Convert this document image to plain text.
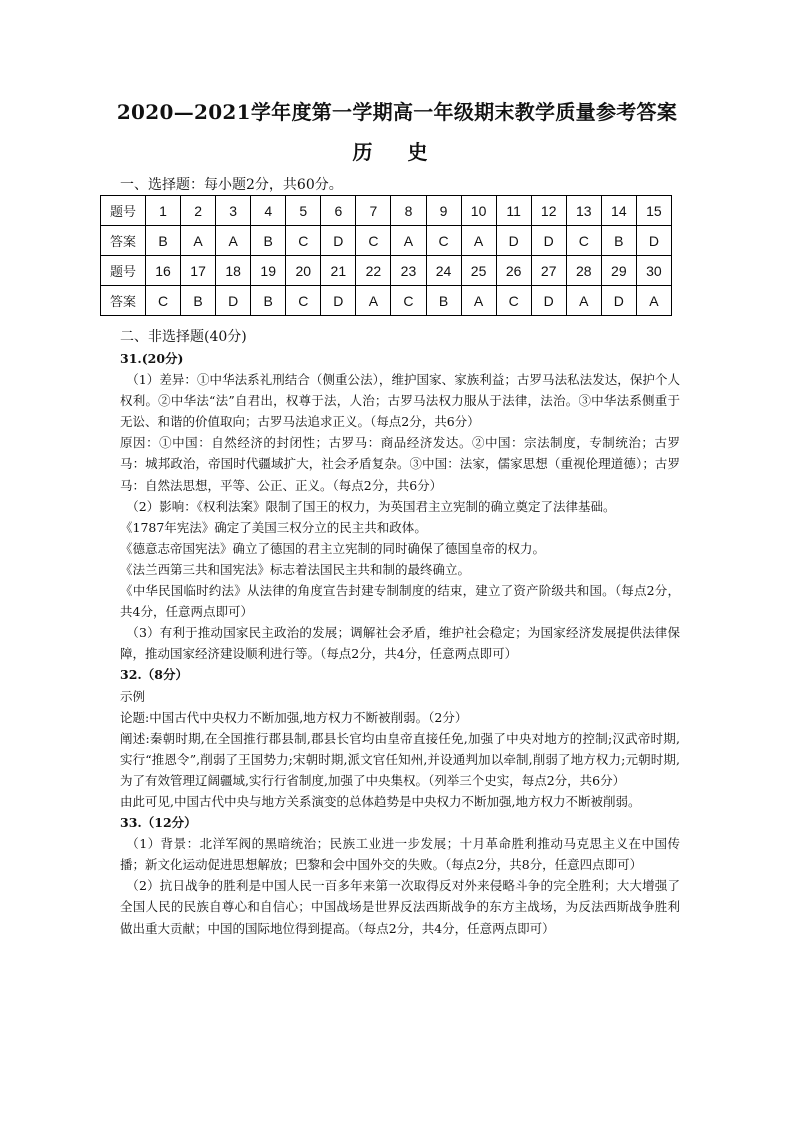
2020—2021学年度第一学期高一年级期末教学质量参考答案
历 史
一、选择题：每小题2分，共60分。
题号	1	2	3	4	5	6	7	8	9	10	11	12	13	14	15
答案	B	A	A	B	C	D	C	A	C	A	D	D	C	B	D
题号	16	17	18	19	20	21	22	23	24	25	26	27	28	29	30
答案	C	B	D	B	C	D	A	C	B	A	C	D	A	D	A
二、非选择题(40分)

31.(20分)

（1）差异：①中华法系礼刑结合（侧重公法），维护国家、家族利益；古罗马法私法发达，保护个人权利。②中华法“法”自君出，权尊于法，人治；古罗马法权力服从于法律，法治。③中华法系侧重于无讼、和谐的价值取向；古罗马法追求正义。（每点2分，共6分）

原因：①中国：自然经济的封闭性；古罗马：商品经济发达。②中国：宗法制度，专制统治；古罗马：城邦政治，帝国时代疆域扩大，社会矛盾复杂。③中国：法家，儒家思想（重视伦理道德）；古罗马：自然法思想，平等、公正、正义。（每点2分，共6分）

（2）影响：《权利法案》限制了国王的权力，为英国君主立宪制的确立奠定了法律基础。

《1787年宪法》确定了美国三权分立的民主共和政体。

《德意志帝国宪法》确立了德国的君主立宪制的同时确保了德国皇帝的权力。

《法兰西第三共和国宪法》标志着法国民主共和制的最终确立。

《中华民国临时约法》从法律的角度宣告封建专制制度的结束，建立了资产阶级共和国。（每点2分，共4分，任意两点即可）

（3）有利于推动国家民主政治的发展；调解社会矛盾，维护社会稳定；为国家经济发展提供法律保障，推动国家经济建设顺利进行等。（每点2分，共4分，任意两点即可）

32.（8分）

示例

论题:中国古代中央权力不断加强,地方权力不断被削弱。（2分）

阐述:秦朝时期,在全国推行郡县制,郡县长官均由皇帝直接任免,加强了中央对地方的控制;汉武帝时期,实行“推恩令”,削弱了王国势力;宋朝时期,派文官任知州,并设通判加以牵制,削弱了地方权力;元朝时期,为了有效管理辽阔疆域,实行行省制度,加强了中央集权。（列举三个史实，每点2分，共6分）

由此可见,中国古代中央与地方关系演变的总体趋势是中央权力不断加强,地方权力不断被削弱。

33.（12分）

（1）背景：北洋军阀的黑暗统治；民族工业进一步发展；十月革命胜利推动马克思主义在中国传播；新文化运动促进思想解放；巴黎和会中国外交的失败。（每点2分，共8分，任意四点即可）

（2）抗日战争的胜利是中国人民一百多年来第一次取得反对外来侵略斗争的完全胜利；大大增强了全国人民的民族自尊心和自信心；中国战场是世界反法西斯战争的东方主战场，为反法西斯战争胜利做出重大贡献；中国的国际地位得到提高。（每点2分，共4分，任意两点即可）
